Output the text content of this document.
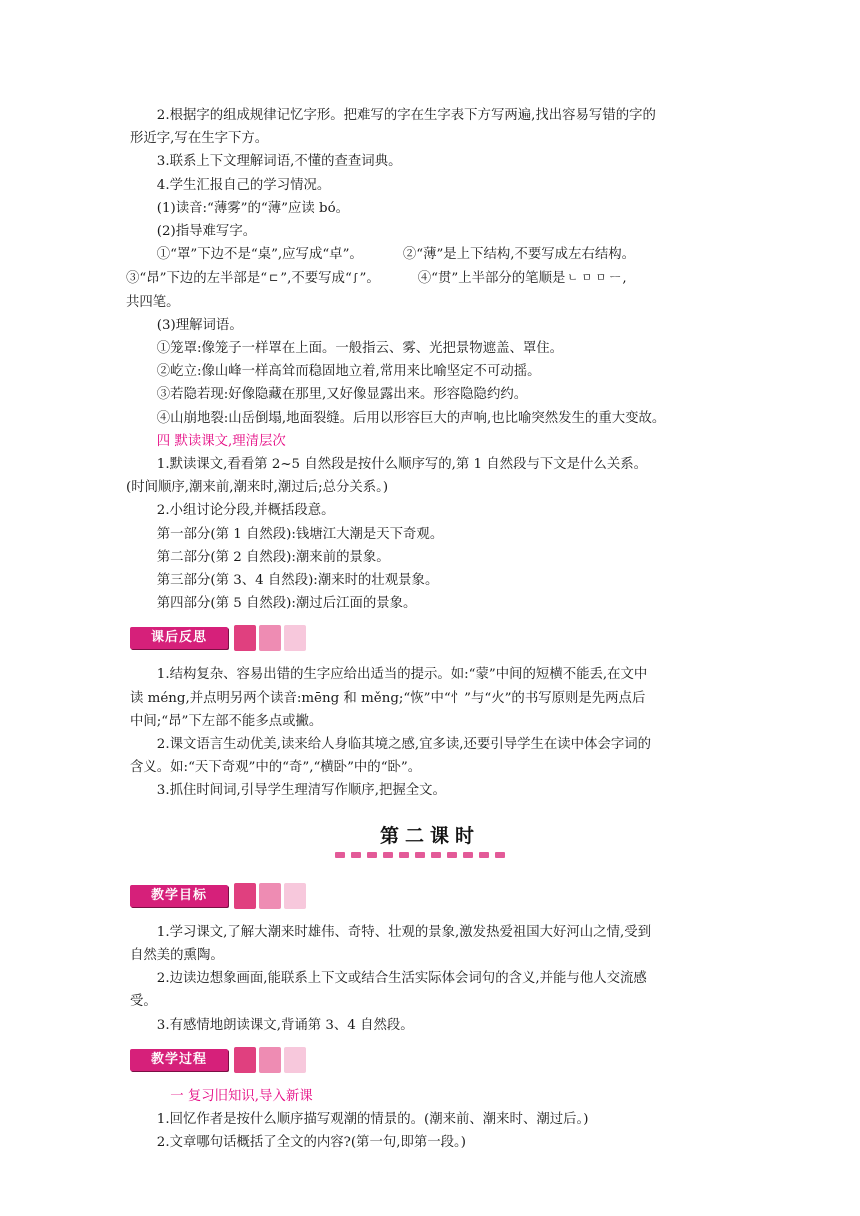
2.根据字的组成规律记忆字形。把难写的字在生字表下方写两遍,找出容易写错的字的

形近字,写在生字下方。

3.联系上下文理解词语,不懂的查查词典。

4.学生汇报自己的学习情况。

(1)读音:“薄雾”的“薄”应读 bó。

(2)指导难写字。

①“罩”下边不是“桌”,应写成“卓”。	②“薄”是上下结构,不要写成左右结构。

③“昂”下边的左半部是“ ⊏ ”,不要写成“ ʃ ”。	④“贯”上半部分的笔顺是 ㄴ ㅁ ㅁ ㅡ ,

共四笔。

(3)理解词语。

①笼罩:像笼子一样罩在上面。一般指云、雾、光把景物遮盖、罩住。

②屹立:像山峰一样高耸而稳固地立着,常用来比喻坚定不可动摇。

③若隐若现:好像隐藏在那里,又好像显露出来。形容隐隐约约。

④山崩地裂:山岳倒塌,地面裂缝。后用以形容巨大的声响,也比喻突然发生的重大变故。

四 默读课文,理清层次

1.默读课文,看看第 2~5 自然段是按什么顺序写的,第 1 自然段与下文是什么关系。

(时间顺序,潮来前,潮来时,潮过后;总分关系。)

2.小组讨论分段,并概括段意。

第一部分(第 1 自然段):钱塘江大潮是天下奇观。

第二部分(第 2 自然段):潮来前的景象。

第三部分(第 3、4 自然段):潮来时的壮观景象。

第四部分(第 5 自然段):潮过后江面的景象。

课后反思

1.结构复杂、容易出错的生字应给出适当的提示。如:“蒙”中间的短横不能丢,在文中

读 méng,并点明另两个读音:mēng 和 měng;“恢”中“忄”与“火”的书写原则是先两点后

中间;“昂”下左部不能多点或撇。

2.课文语言生动优美,读来给人身临其境之感,宜多读,还要引导学生在读中体会字词的

含义。如:“天下奇观”中的“奇”,“横卧”中的“卧”。

3.抓住时间词,引导学生理清写作顺序,把握全文。

第二课时
教学目标

1.学习课文,了解大潮来时雄伟、奇特、壮观的景象,激发热爱祖国大好河山之情,受到

自然美的熏陶。

2.边读边想象画面,能联系上下文或结合生活实际体会词句的含义,并能与他人交流感

受。

3.有感情地朗读课文,背诵第 3、4 自然段。

教学过程

一 复习旧知识,导入新课

1.回忆作者是按什么顺序描写观潮的情景的。(潮来前、潮来时、潮过后。)

2.文章哪句话概括了全文的内容?(第一句,即第一段。)
